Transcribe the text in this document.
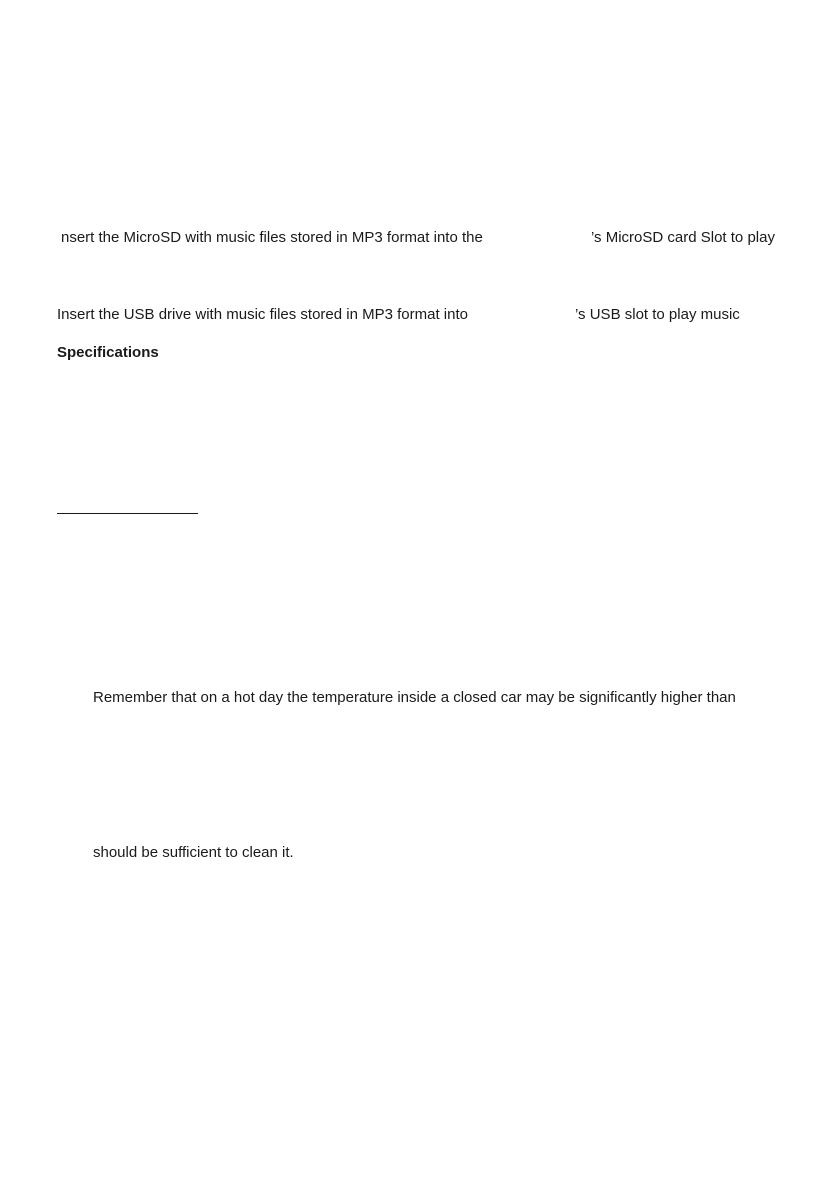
nsert the MicroSD with music files stored in MP3 format into the	’s MicroSD card Slot to play

Insert the USB drive with music files stored in MP3 format into	’s USB slot to play music

Specifications

Remember that on a hot day the temperature inside a closed car may be significantly higher than

should be sufficient to clean it.
